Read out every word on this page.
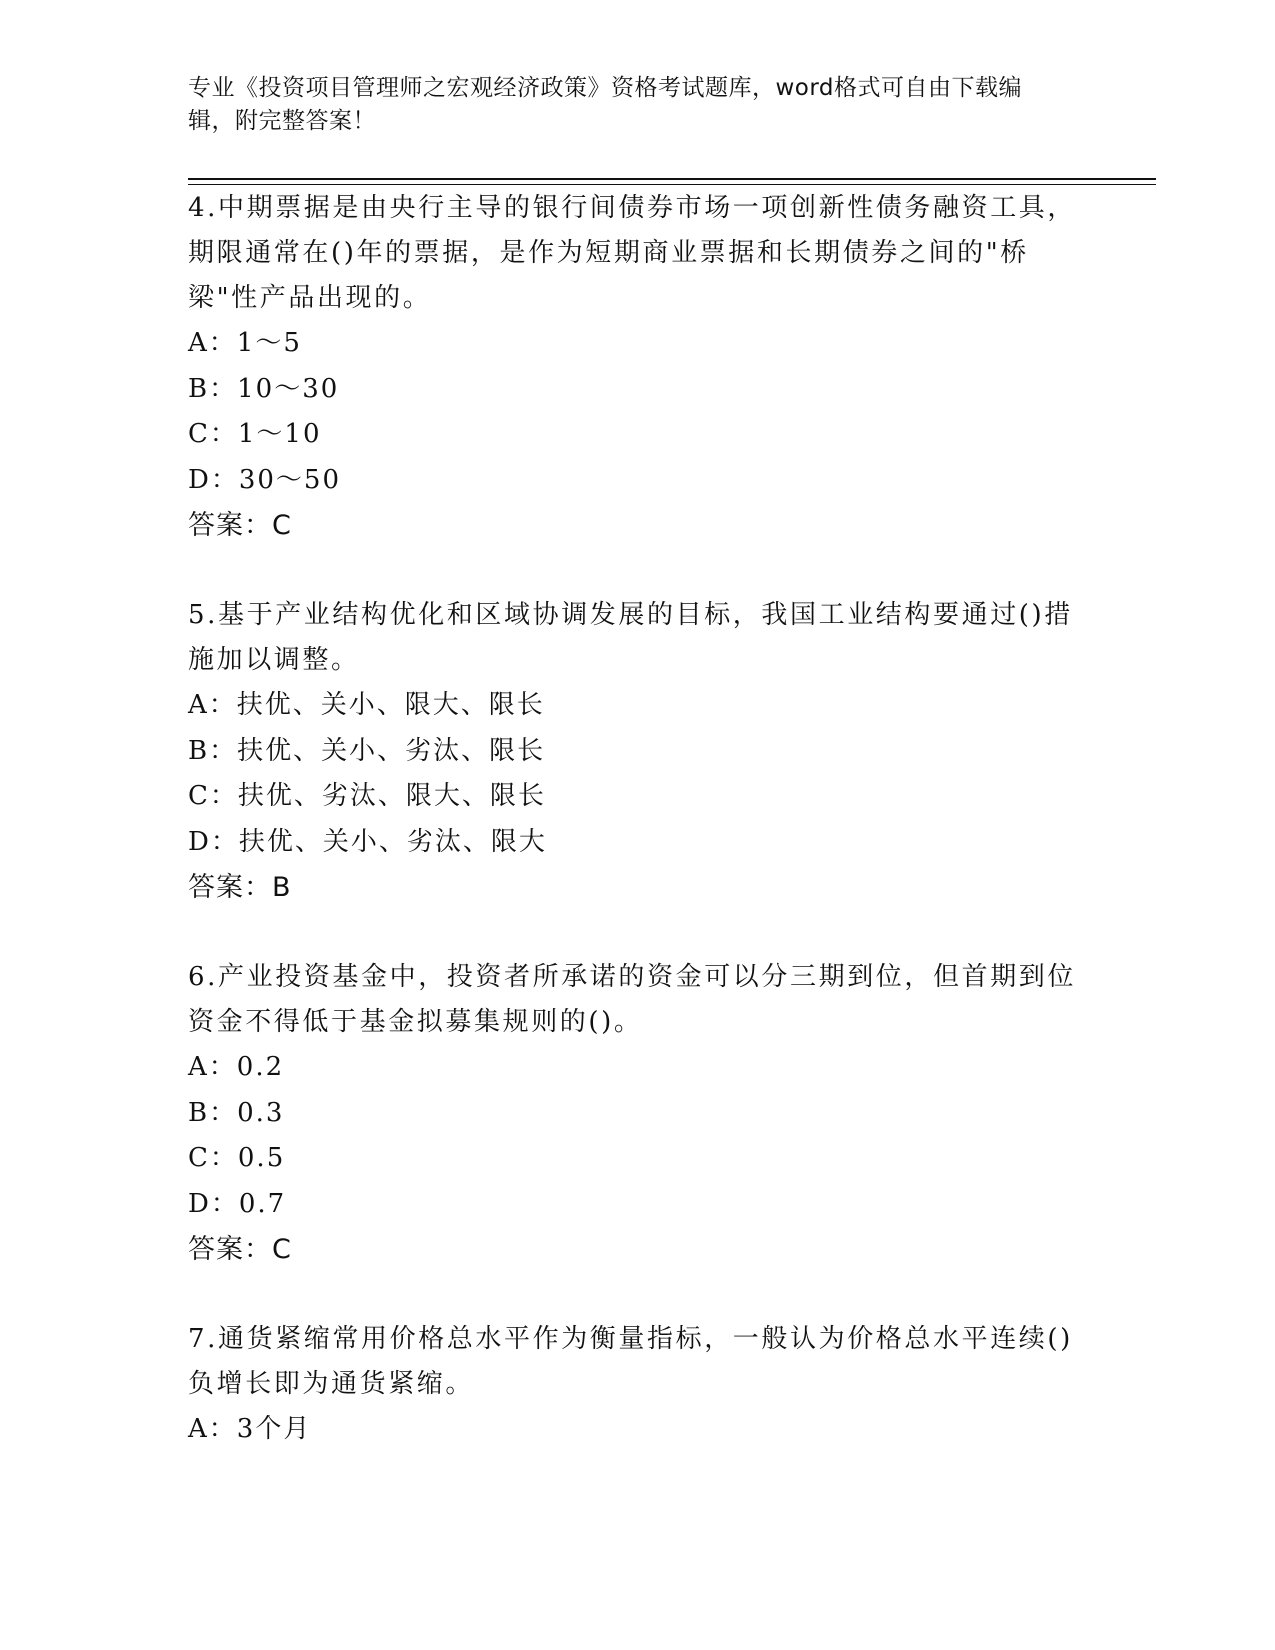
专业《投资项目管理师之宏观经济政策》资格考试题库，word格式可自由下载编
辑，附完整答案！

4.中期票据是由央行主导的银行间债券市场一项创新性债务融资工具，期限通常在()年的票据，是作为短期商业票据和长期债券之间的"桥梁"性产品出现的。

A：1～5

B：10～30

C：1～10

D：30～50

答案：C

5.基于产业结构优化和区域协调发展的目标，我国工业结构要通过()措施加以调整。

A：扶优、关小、限大、限长

B：扶优、关小、劣汰、限长

C：扶优、劣汰、限大、限长

D：扶优、关小、劣汰、限大

答案：B

6.产业投资基金中，投资者所承诺的资金可以分三期到位，但首期到位资金不得低于基金拟募集规则的()。

A：0.2

B：0.3

C：0.5

D：0.7

答案：C

7.通货紧缩常用价格总水平作为衡量指标，一般认为价格总水平连续()负增长即为通货紧缩。

A：3个月
